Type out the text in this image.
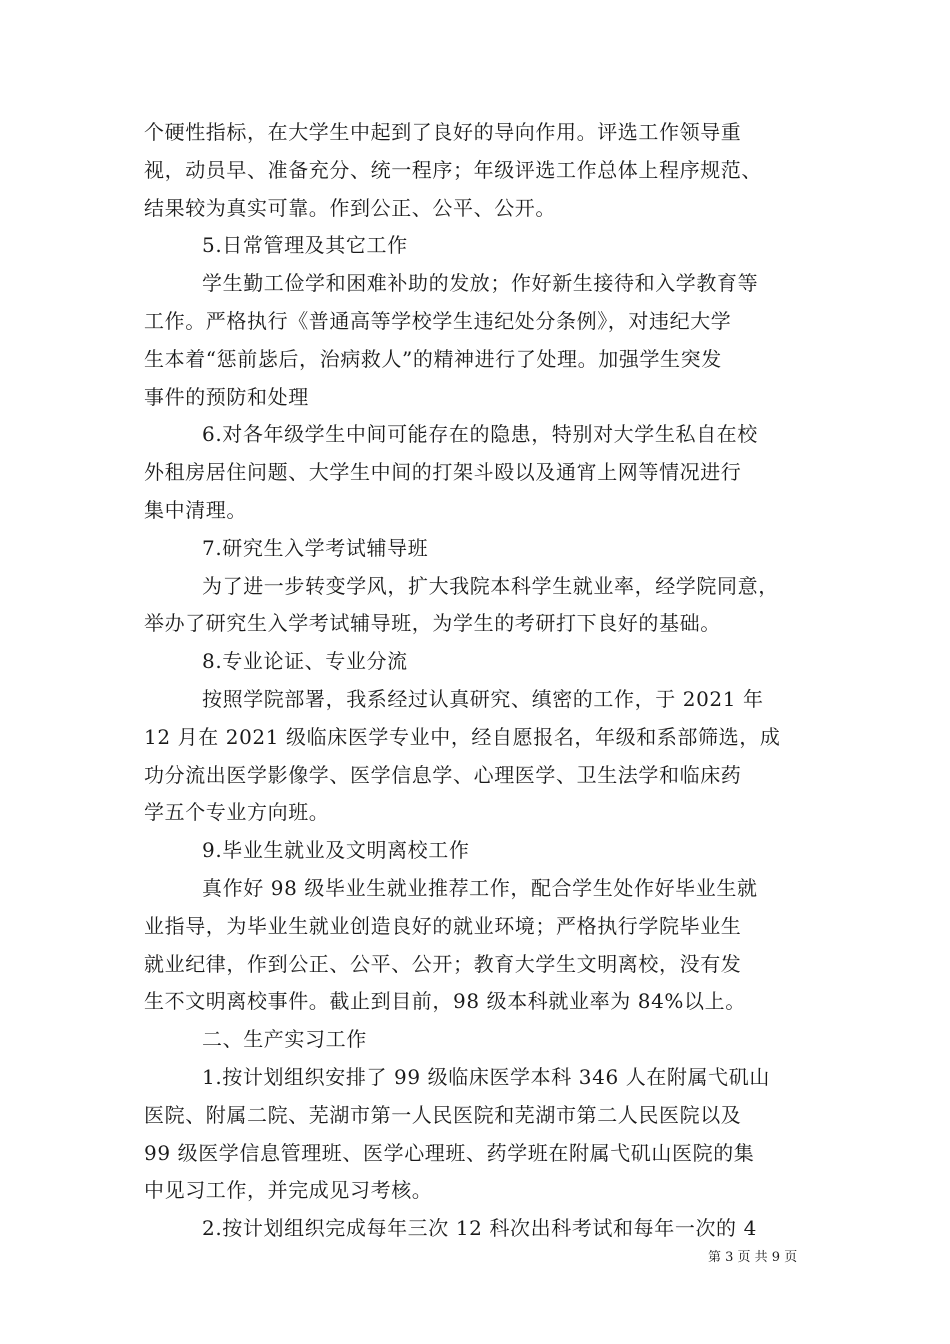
个硬性指标，在大学生中起到了良好的导向作用。评选工作领导重
视，动员早、准备充分、统一程序；年级评选工作总体上程序规范、
结果较为真实可靠。作到公正、公平、公开。
5.日常管理及其它工作
学生勤工俭学和困难补助的发放；作好新生接待和入学教育等
工作。严格执行《普通高等学校学生违纪处分条例》，对违纪大学
生本着“惩前毖后，治病救人”的精神进行了处理。加强学生突发
事件的预防和处理
6.对各年级学生中间可能存在的隐患，特别对大学生私自在校
外租房居住问题、大学生中间的打架斗殴以及通宵上网等情况进行
集中清理。
7.研究生入学考试辅导班
为了进一步转变学风，扩大我院本科学生就业率，经学院同意，
举办了研究生入学考试辅导班，为学生的考研打下良好的基础。
8.专业论证、专业分流
按照学院部署，我系经过认真研究、缜密的工作，于 2021 年
12 月在 2021 级临床医学专业中，经自愿报名，年级和系部筛选，成
功分流出医学影像学、医学信息学、心理医学、卫生法学和临床药
学五个专业方向班。
9.毕业生就业及文明离校工作
真作好 98 级毕业生就业推荐工作，配合学生处作好毕业生就
业指导，为毕业生就业创造良好的就业环境；严格执行学院毕业生
就业纪律，作到公正、公平、公开；教育大学生文明离校，没有发
生不文明离校事件。截止到目前，98 级本科就业率为 84%以上。
二、生产实习工作
1.按计划组织安排了 99 级临床医学本科 346 人在附属弋矶山
医院、附属二院、芜湖市第一人民医院和芜湖市第二人民医院以及
99 级医学信息管理班、医学心理班、药学班在附属弋矶山医院的集
中见习工作，并完成见习考核。
2.按计划组织完成每年三次 12 科次出科考试和每年一次的 4
第 3 页 共 9 页
